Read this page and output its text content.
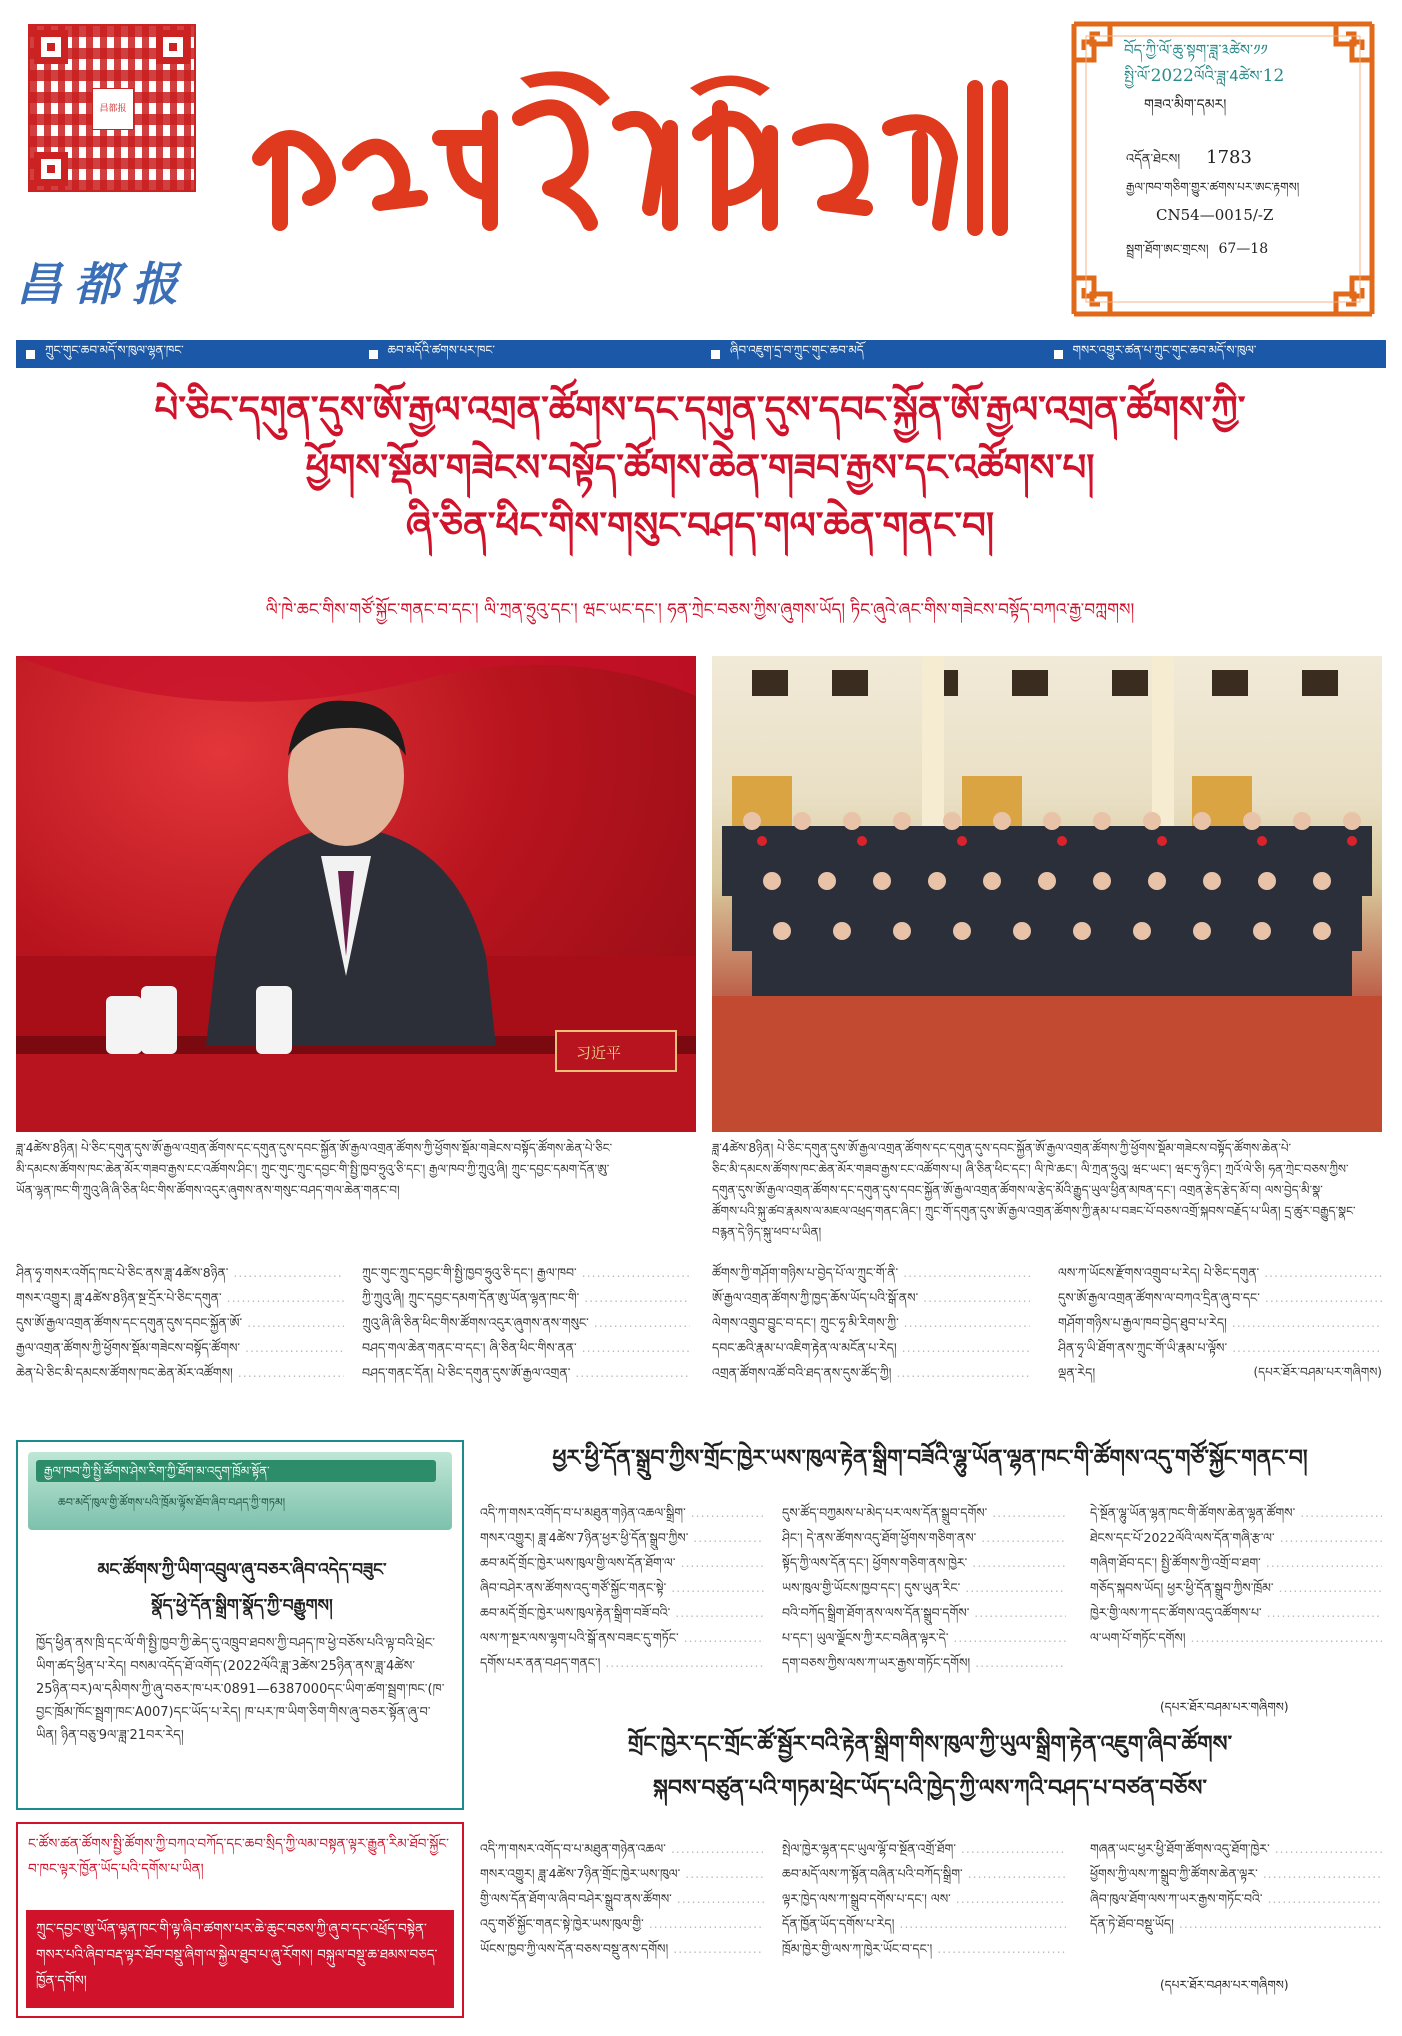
昌都报
昌都报
བོད་ཀྱི་ལོ་ཆུ་སྟག་ཟླ་༣ཚེས་༡༡
སྤྱི་ལོ་2022ལོའི་ཟླ་4ཚེས་12
གཟའ་མིག་དམར།
འདོན་ཐེངས། 1783
རྒྱལ་ཁབ་གཅིག་གྱུར་ཚགས་པར་ཨང་རྟགས།
CN54—0015/-Z
སྦྲག་ཐོག་ཨང་གྲངས། 67—18
ཀྲུང་གུང་ཆབ་མདོ་ས་ཁུལ་ལྷན་ཁང་	ཆབ་མདོའི་ཚགས་པར་ཁང་	ཞིབ་འཇུག་དྲ་བ་ཀྲུང་གུང་ཆབ་མདོ	གསར་འགྱུར་ཚན་པ་ཀྲུང་གུང་ཆབ་མདོ་ས་ཁུལ་
པེ་ཅིང་དགུན་དུས་ཨོ་རྒྱལ་འགྲན་ཚོགས་དང་དགུན་དུས་དབང་སྐྱོན་ཨོ་རྒྱལ་འགྲན་ཚོགས་ཀྱི་
ཕྱོགས་སྡོམ་གཟེངས་བསྟོད་ཚོགས་ཆེན་གཟབ་རྒྱས་དང་འཚོགས་པ།
ཞི་ཅིན་ཕིང་གིས་གསུང་བཤད་གལ་ཆེན་གནང་བ།
ལི་ཁེ་ཆང་གིས་གཙོ་སྐྱོང་གནང་བ་དང་། ལི་ཀྲན་ཧྲུའུ་དང་། ཝང་ཡང་དང་། ཧན་ཀྲེང་བཅས་ཀྱིས་ཞུགས་ཡོད། ཏིང་ཞུའེ་ཞང་གིས་གཟེངས་བསྟོད་བཀའ་རྒྱ་བཀླགས།
习近平
ཟླ་4ཚེས་8ཉིན། པེ་ཅིང་དགུན་དུས་ཨོ་རྒྱལ་འགྲན་ཚོགས་དང་དགུན་དུས་དབང་སྐྱོན་ཨོ་རྒྱལ་འགྲན་ཚོགས་ཀྱི་ཕྱོགས་སྡོམ་གཟེངས་བསྟོད་ཚོགས་ཆེན་པེ་ཅིང་
མི་དམངས་ཚོགས་ཁང་ཆེན་མོར་གཟབ་རྒྱས་ངང་འཚོགས་ཤིང་། ཀྲུང་གུང་ཀྲུང་དབྱང་གི་སྤྱི་ཁྱབ་ཧྲུའུ་ཅི་དང་། རྒྱལ་ཁབ་ཀྱི་ཀྲུའུ་ཞི། ཀྲུང་དབྱང་དམག་དོན་ཨུ་
ཡོན་ལྷན་ཁང་གི་ཀྲུའུ་ཞི་ཞི་ཅིན་ཕིང་གིས་ཚོགས་འདུར་ཞུགས་ནས་གསུང་བཤད་གལ་ཆེན་གནང་བ།
ཟླ་4ཚེས་8ཉིན། པེ་ཅིང་དགུན་དུས་ཨོ་རྒྱལ་འགྲན་ཚོགས་དང་དགུན་དུས་དབང་སྐྱོན་ཨོ་རྒྱལ་འགྲན་ཚོགས་ཀྱི་ཕྱོགས་སྡོམ་གཟེངས་བསྟོད་ཚོགས་ཆེན་པེ་
ཅིང་མི་དམངས་ཚོགས་ཁང་ཆེན་མོར་གཟབ་རྒྱས་ངང་འཚོགས་པ། ཞི་ཅིན་ཕིང་དང་། ལི་ཁེ་ཆང་། ལི་ཀྲན་ཧྲུའུ། ཝང་ཡང་། ཝང་ཧུ་ཉིང་། ཀྲའོ་ལེ་ཅི། ཧན་ཀྲེང་བཅས་ཀྱིས་
དགུན་དུས་ཨོ་རྒྱལ་འགྲན་ཚོགས་དང་དགུན་དུས་དབང་སྐྱོན་ཨོ་རྒྱལ་འགྲན་ཚོགས་ལ་རྩེད་མོའི་རྒྱུད་ཡུལ་ཕྱིན་མཁན་དང་། འགྲན་རྩེད་རྩེད་མོ་བ། ལས་བྱེད་མི་སྣ་
ཚོགས་པའི་སྐུ་ཚབ་རྣམས་ལ་མཇལ་འཕྲད་གནང་ཞིང་། ཀྲུང་གོ་དགུན་དུས་ཨོ་རྒྱལ་འགྲན་ཚོགས་ཀྱི་རྣམ་པ་བཟང་པོ་བཅས་འགྲོ་སྐབས་བརྗོད་པ་ཡིན། དྲ་ཚུར་བརྒྱུད་སྣང་
བརྙན་དེ་ཉིད་སྐུ་ཕབ་པ་ཡིན།
ཤིན་ཧྭ་གསར་འགོད་ཁང་པེ་ཅིང་ནས་ཟླ་4ཚེས་8ཉིན་ .....
གསར་འགྱུར། ཟླ་4ཚེས་8ཉིན་སྔ་དྲོར་པེ་ཅིང་དགུན་ .....
དུས་ཨོ་རྒྱལ་འགྲན་ཚོགས་དང་དགུན་དུས་དབང་སྐྱོན་ཨོ་ .....
རྒྱལ་འགྲན་ཚོགས་ཀྱི་ཕྱོགས་སྡོམ་གཟེངས་བསྟོད་ཚོགས་ .....
ཆེན་པེ་ཅིང་མི་དམངས་ཚོགས་ཁང་ཆེན་མོར་འཚོགས། .....
ཀྲུང་གུང་ཀྲུང་དབྱང་གི་སྤྱི་ཁྱབ་ཧྲུའུ་ཅི་དང་། རྒྱལ་ཁབ་ .....
ཀྱི་ཀྲུའུ་ཞི། ཀྲུང་དབྱང་དམག་དོན་ཨུ་ཡོན་ལྷན་ཁང་གི་ .....
ཀྲུའུ་ཞི་ཞི་ཅིན་ཕིང་གིས་ཚོགས་འདུར་ཞུགས་ནས་གསུང་ .....
བཤད་གལ་ཆེན་གནང་བ་དང་། ཞི་ཅིན་ཕིང་གིས་ནན་ .....
བཤད་གནང་དོན། པེ་ཅིང་དགུན་དུས་ཨོ་རྒྱལ་འགྲན་ .....
ཚོགས་ཀྱི་གཤོག་གཉིས་པ་བྱེད་པོ་ལ་ཀྲུང་གོ་ནི་ .....
ཨོ་རྒྱལ་འགྲན་ཚོགས་ཀྱི་ཁྱད་ཆོས་ཡོད་པའི་སྒོ་ནས་ .....
ལེགས་འགྲུབ་བྱུང་བ་དང་། ཀྲུང་ཧྭ་མི་རིགས་ཀྱི་ .....
དབང་ཆའི་རྣམ་པ་འཇིག་རྟེན་ལ་མངོན་པ་རེད། .....
འགྲན་ཚོགས་འཚོ་བའི་ཐད་ནས་དུས་ཚོད་ཀྱི། .....
ལས་ཀ་ཡོངས་རྫོགས་འགྲུབ་པ་རེད། པེ་ཅིང་དགུན་ .....
དུས་ཨོ་རྒྱལ་འགྲན་ཚོགས་ལ་བཀའ་དྲིན་ཞུ་བ་དང་ .....
གཤོག་གཉིས་པ་རྒྱལ་ཁབ་བྱེད་ཐུབ་པ་རེད། .....
ཤིན་ཧྭ་ཡི་ཐོག་ནས་ཀྲུང་གོ་ཡི་རྣམ་པ་ལྟོས་ .....
ལྡན་རེད།	(དཔར་ཐོར་བཤམ་པར་གཞིགས)
རྒྱལ་ཁབ་ཀྱི་སྤྱི་ཚོགས་ཤེས་རིག་ཀྱི་ཐོག་མ་འདུག་ཁྲོམ་སྟོན་
ཆབ་མདོ་ཁུལ་གྱི་ཚོགས་པའི་ཁྲོམ་ལྟོས་ཐོབ་ཞིབ་བཤད་ཀྱི་གཏམ།
མང་ཚོགས་ཀྱི་ཡིག་འབྲུལ་ཞུ་བཅར་ཞིབ་འདེད་བཟུང་
སྣོད་ཕྱེ་དོན་སྒྲིག་སྣོད་ཀྱི་བརྒྱུགས།
ཁྱོད་ཕྱིན་ནས་ཁྲི་དང་ལོ་གི་སྤྱི་ཁྱབ་ཀྱི་ཆེད་དུ་འཁྲུབ་ཐབས་ཀྱི་བཤད་ཁ་ཕྱེ་བཅོས་པའི་ལྟ་བའི་ཕྲེང་ཡིག་ཚད་ཕྱིན་པ་རེད། བསམ་འདོད་ཐོ་འགོད་(2022ལོའི་ཟླ་3ཚེས་25ཉིན་ནས་ཟླ་4ཚེས་25ཉིན་བར)ལ་དམིགས་ཀྱི་ཞུ་བཅར་ཁ་པར་0891—6387000དང་ཡིག་ཚག་སྦྲག་ཁང་(ཁ་བྱང་ཁྲོམ་ཁོང་སྦྲག་ཁང་A007)དང་ཡོད་པ་རེད། ཁ་པར་ཁ་ཡིག་ཅིག་གིས་ཞུ་བཅར་སྟོན་ཞུ་བ་ཡིན། ཉིན་བཅུ་9ལ་ཟླ་21བར་རེད།
ང་ཚོས་ཚན་ཚོགས་སྤྱི་ཚོགས་ཀྱི་བཀའ་བཀོད་དང་ཆབ་སྲིད་ཀྱི་ལམ་བསྟན་ལྟར་རྒྱུན་རིམ་ཐོབ་སྐྱོང་བ་ཁང་ལྟར་ཁྱོན་ཡོད་པའི་དགོས་པ་ཡིན།
ཀྲུང་དབྱང་ཨུ་ཡོན་ལྷན་ཁང་གི་ལྟ་ཞིབ་ཚགས་པར་ཆེ་ཆུང་བཅས་ཀྱི་ཞུ་བ་དང་འཕྲོད་བསྟེན་གསར་པའི་ཞིབ་བརྡ་ལྟར་ཐོབ་བསྡུ་ཞིག་ལ་སྐྱེལ་ཐུབ་པ་ཞུ་རོགས། བསྐུལ་བསྡུ་ཆ་ཐམས་བཅད་ཁྱོན་དགོས།
ཕྱར་ཕྱི་དོན་སྒྲུབ་ཀྱིས་གྲོང་ཁྱེར་ཡས་ཁུལ་རྟེན་སྒྲིག་བཟོའི་ལྷུ་ཡོན་ལྷན་ཁང་གི་ཚོགས་འདུ་གཙོ་སྐྱོང་གནང་བ།
འདི་ཀ་གསར་འགོད་བ་པ་མཐུན་གཉེན་འཆལ་སྒྲིག་ .....
གསར་འགྱུར། ཟླ་4ཚེས་7ཉིན་ཕྱར་ཕྱི་དོན་སྒྲུབ་ཀྱིས་ .....
ཆབ་མདོ་གྲོང་ཁྱེར་ཡས་ཁུལ་གྱི་ལས་དོན་ཐོག་ལ་ .....
ཞིབ་བཤེར་ནས་ཚོགས་འདུ་གཙོ་སྐྱོང་གནང་སྟེ་ .....
ཆབ་མདོ་གྲོང་ཁྱེར་ཡས་ཁུལ་རྟེན་སྒྲིག་བཟོ་བའི་ .....
ལས་ཀ་སྔར་ལས་ལྷག་པའི་སྒོ་ནས་བཟང་དུ་གཏོང་ .....
དགོས་པར་ནན་བཤད་གནང་། .....
དུས་ཚོད་བཀྱམས་པ་མེད་པར་ལས་དོན་སྒྲུབ་དགོས་ .....
ཤིང་། དེ་ནས་ཚོགས་འདུ་ཐོག་ཕྱོགས་གཅིག་ནས་ .....
སྟོད་ཀྱི་ལས་དོན་དང་། ཕྱོགས་གཅིག་ནས་ཁྱེར་ .....
ཡས་ཁུལ་གྱི་ཡོངས་ཁྱབ་དང་། དུས་ཡུན་རིང་ .....
བའི་བཀོད་སྒྲིག་ཐོག་ནས་ལས་དོན་སྒྲུབ་དགོས་ .....
པ་དང་། ཡུལ་ལྗོངས་ཀྱི་རང་བཞིན་ལྟར་དེ་ .....
དག་བཅས་ཀྱིས་ལས་ཀ་ཡར་རྒྱས་གཏོང་དགོས། .....
དེ་སྔོན་ལྷུ་ཡོན་ལྷན་ཁང་གི་ཚོགས་ཆེན་ལྷན་ཚོགས་ .....
ཐེངས་དང་པོ་2022ལོའི་ལས་དོན་གཞི་རྩ་ལ་ .....
གཞིག་ཐོབ་དང་། སྤྱི་ཚོགས་ཀྱི་འགྲོ་བ་ཐག་ .....
གཅོད་སྐབས་ཡོད། ཕྱར་ཕྱི་དོན་སྒྲུབ་ཀྱིས་ཁྲོམ་ .....
ཁྱེར་གྱི་ལས་ཀ་དང་ཚོགས་འདུ་འཚོགས་པ་ .....
ལ་ཡག་པོ་གཏོང་དགོས། .....
(དཔར་ཐོར་བཤམ་པར་གཞིགས)
གྲོང་ཁྱེར་དང་གྲོང་ཚོ་སྦྱོར་བའི་རྟེན་སྒྲིག་གིས་ཁུལ་ཀྱི་ཡུལ་སྒྲིག་རྟེན་འཇུག་ཞིབ་ཚོགས་
སྐབས་བཙུན་པའི་གཏམ་ཕྲེང་ཡོད་པའི་ཁྱེད་ཀྱི་ལས་ཀའི་བཤད་པ་བཙན་བཅོས་
འདི་ཀ་གསར་འགོད་བ་པ་མཐུན་གཉེན་འཆལ་ .....
གསར་འགྱུར། ཟླ་4ཚེས་7ཉིན་གྲོང་ཁྱེར་ཡས་ཁུལ་ .....
གྱི་ལས་དོན་ཐོག་ལ་ཞིབ་བཤེར་སྒྲུབ་ནས་ཚོགས་ .....
འདུ་གཙོ་སྐྱོང་གནང་སྟེ་ཁྱེར་ཡས་ཁུལ་གྱི་ .....
ཡོངས་ཁྱབ་ཀྱི་ལས་དོན་བཅས་བསྡུ་ནས་དགོས། .....
སྤེལ་ཁྱེར་ལྷན་དང་ཡུལ་ལྷོ་བ་སྔོན་འགྲོ་ཐོག་ .....
ཆབ་མདོ་ལས་ཀ་སྟོན་བཞིན་པའི་བཀོད་སྒྲིག་ .....
ལྟར་ཁྱེད་ལས་ཀ་སྒྲུབ་དགོས་པ་དང་། ལས་ .....
དོན་ཁྱོན་ཡོད་དགོས་པ་རེད། .....
ཁྲོམ་ཁྱེར་གྱི་ལས་ཀ་ཁྱེར་ཡོང་བ་དང་། .....
གཞན་ཡང་ཕྱར་ཕྱི་ཐོག་ཚོགས་འདུ་ཐོག་ཁྱེར་ .....
ཕྱོགས་ཀྱི་ལས་ཀ་སྒྲུབ་ཀྱི་ཚོགས་ཆེན་ལྟར་ .....
ཞིབ་ཁུལ་ཐོག་ལས་ཀ་ཡར་རྒྱས་གཏོང་བའི་ .....
དོན་ཏེ་ཐོབ་བསྡུ་ཡོད། .....
(དཔར་ཐོར་བཤམ་པར་གཞིགས)
